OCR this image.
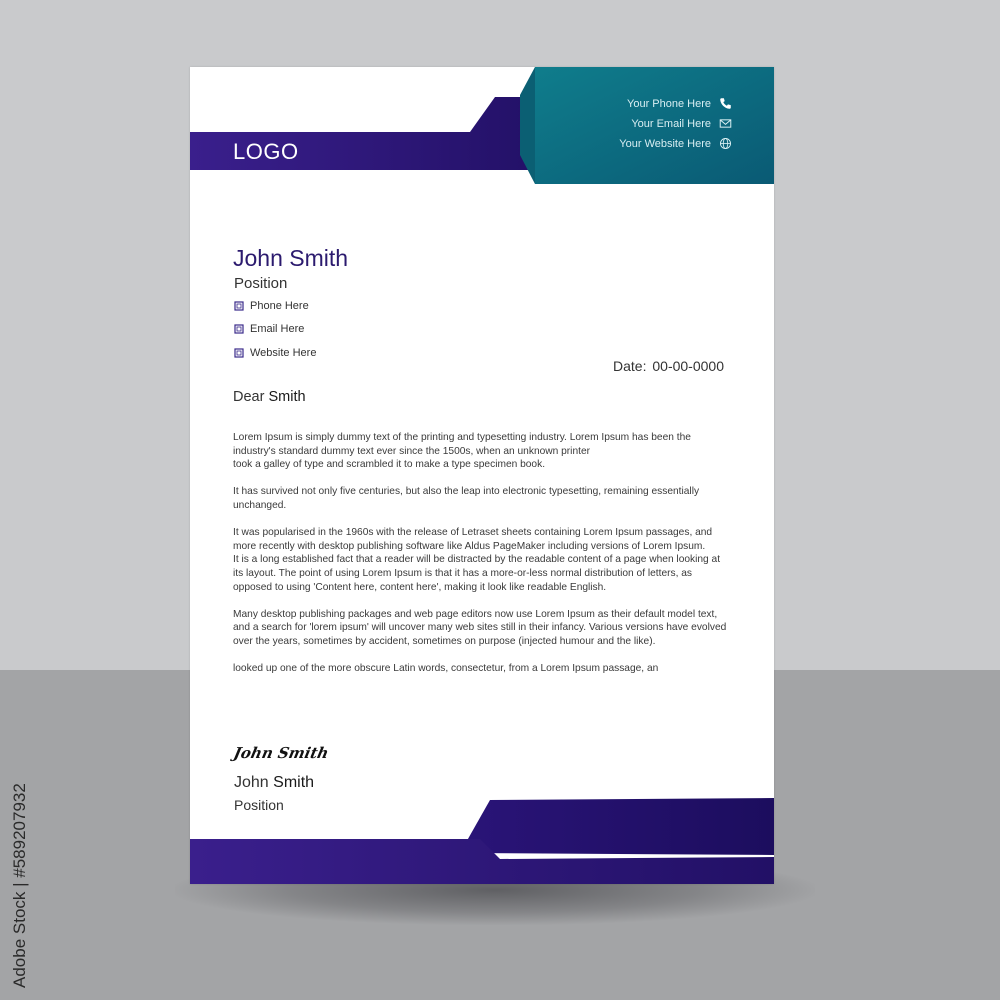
LOGO
Your Phone Here
Your Email Here
Your Website Here
John Smith
Position
Phone Here
Email Here
Website Here
Date: 00-00-0000
Dear Smith

Lorem Ipsum is simply dummy text of the printing and typesetting industry. Lorem Ipsum has been the industry's standard dummy text ever since the 1500s, when an unknown printer
took a galley of type and scrambled it to make a type specimen book.

It has survived not only five centuries, but also the leap into electronic typesetting, remaining essentially unchanged.

It was popularised in the 1960s with the release of Letraset sheets containing Lorem Ipsum passages, and more recently with desktop publishing software like Aldus PageMaker including versions of Lorem Ipsum.

It is a long established fact that a reader will be distracted by the readable content of a page when looking at its layout. The point of using Lorem Ipsum is that it has a more-or-less normal distribution of letters, as opposed to using 'Content here, content here', making it look like readable English.

Many desktop publishing packages and web page editors now use Lorem Ipsum as their default model text, and a search for 'lorem ipsum' will uncover many web sites still in their infancy. Various versions have evolved over the years, sometimes by accident, sometimes on purpose (injected humour and the like).

looked up one of the more obscure Latin words, consectetur, from a Lorem Ipsum passage, an

John Smith
John Smith
Position
Adobe Stock | #589207932
